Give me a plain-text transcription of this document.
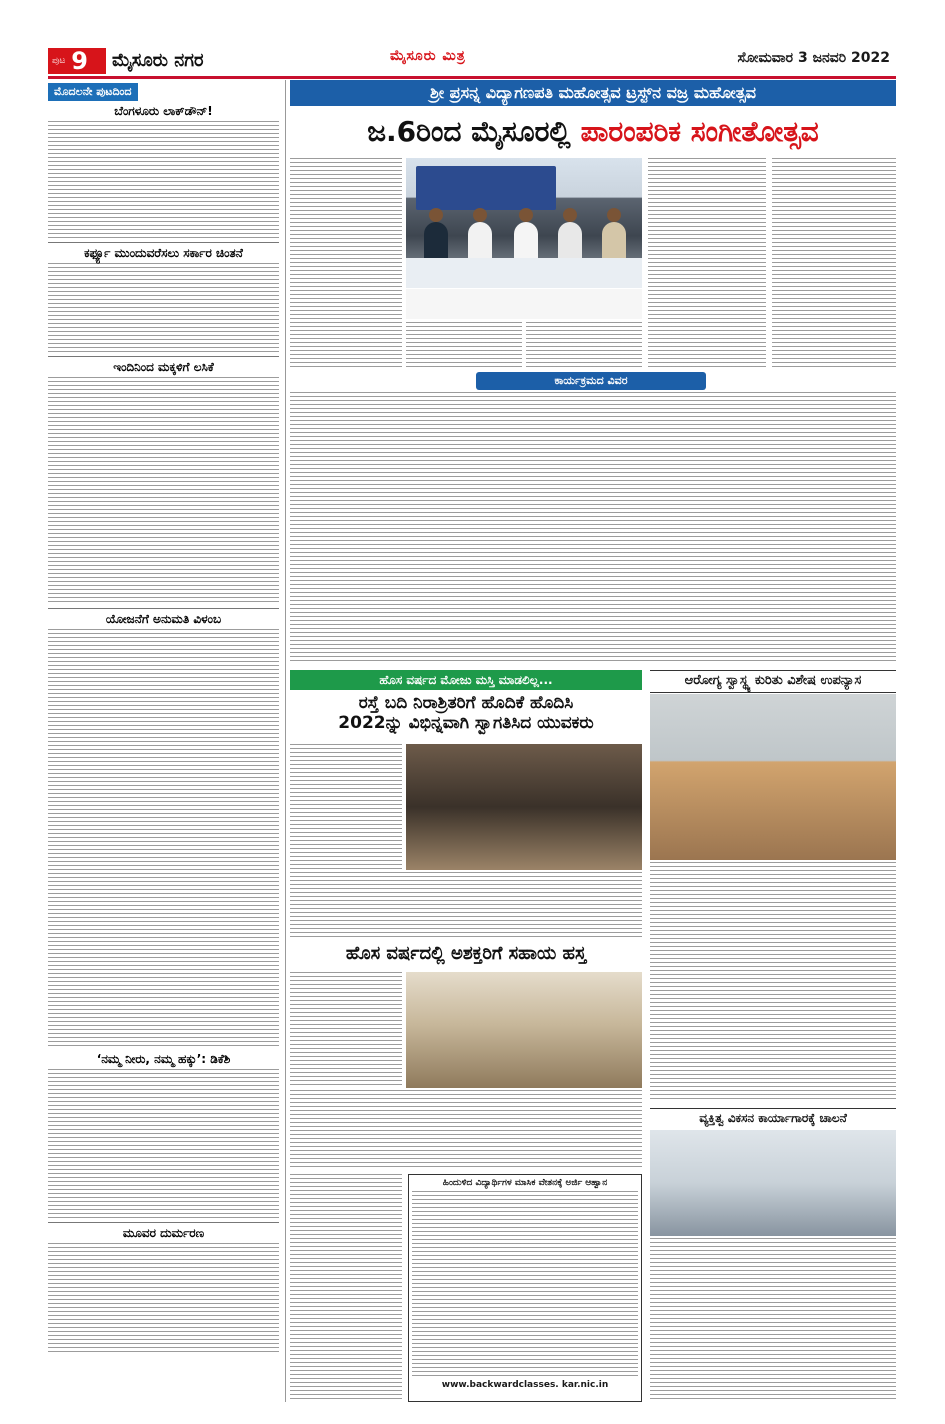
ಪುಟ 9 ಮೈಸೂರು ನಗರ	ಮೈಸೂರು ಮಿತ್ರ	ಸೋಮವಾರ 3 ಜನವರಿ 2022
ಮೊದಲನೇ ಪುಟದಿಂದ
ಬೆಂಗಳೂರು ಲಾಕ್‌ಡೌನ್!
ಕರ್ಫ್ಯೂ ಮುಂದುವರೆಸಲು ಸರ್ಕಾರ ಚಿಂತನೆ
ಇಂದಿನಿಂದ ಮಕ್ಕಳಿಗೆ ಲಸಿಕೆ
ಯೋಜನೆಗೆ ಅನುಮತಿ ವಿಳಂಬ
‘ನಮ್ಮ ನೀರು, ನಮ್ಮ ಹಕ್ಕು’: ಡಿಕೆಶಿ
ಮೂವರ ದುರ್ಮರಣ
ಶ್ರೀ ಪ್ರಸನ್ನ ವಿದ್ಯಾಗಣಪತಿ ಮಹೋತ್ಸವ ಟ್ರಸ್ಟ್‌ನ ವಜ್ರ ಮಹೋತ್ಸವ
ಜ.6ರಿಂದ ಮೈಸೂರಲ್ಲಿ ಪಾರಂಪರಿಕ ಸಂಗೀತೋತ್ಸವ
ಕಾರ್ಯಕ್ರಮದ ವಿವರ
ಹೊಸ ವರ್ಷದ ಮೋಜು ಮಸ್ತಿ ಮಾಡಲಿಲ್ಲ...
ರಸ್ತೆ ಬದಿ ನಿರಾಶ್ರಿತರಿಗೆ ಹೊದಿಕೆ ಹೊದಿಸಿ
2022ನ್ನು ವಿಭಿನ್ನವಾಗಿ ಸ್ವಾಗತಿಸಿದ ಯುವಕರು
ಹೊಸ ವರ್ಷದಲ್ಲಿ ಅಶಕ್ತರಿಗೆ ಸಹಾಯ ಹಸ್ತ
ಹಿಂದುಳಿದ ವಿದ್ಯಾರ್ಥಿಗಳ ಮಾಸಿಕ ವೇತನಕ್ಕೆ ಅರ್ಜಿ ಆಹ್ವಾನ
www.backwardclasses. kar.nic.in
ಆರೋಗ್ಯ ಸ್ವಾಸ್ಥ್ಯ ಕುರಿತು ವಿಶೇಷ ಉಪನ್ಯಾಸ
ವ್ಯಕ್ತಿತ್ವ ವಿಕಸನ ಕಾರ್ಯಾಗಾರಕ್ಕೆ ಚಾಲನೆ
